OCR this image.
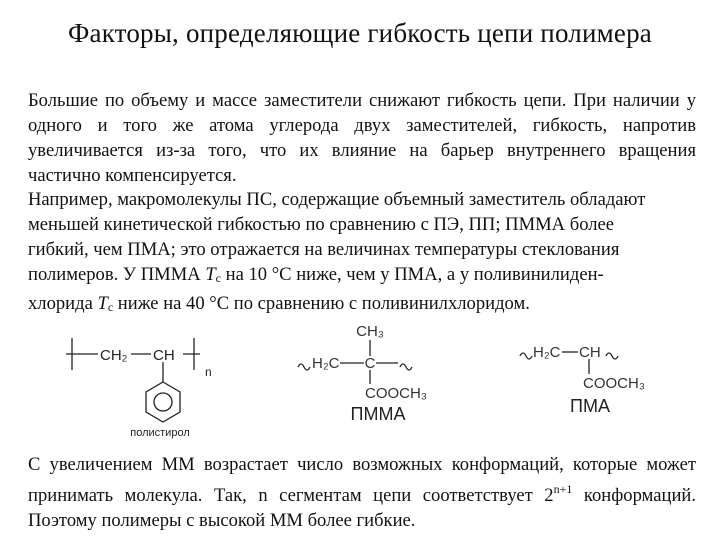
Факторы, определяющие гибкость цепи полимера
Большие по объему и массе заместители снижают гибкость цепи. При наличии у одного и того же атома углерода двух заместителей, гибкость, напротив увеличивается из-за того, что их влияние на барьер внутреннего вращения частично компенсируется.
Например, макромолекулы ПС, содержащие объемный заместитель обладают
меньшей кинетической гибкостью по сравнению с ПЭ, ПП; ПММА более
гибкий, чем ПМА; это отражается на величинах температуры стеклования
полимеров. У ПММА Тс на 10 °С ниже, чем у ПМА, а у поливинилиден-
хлорида Тс ниже на 40 °С по сравнению с поливинилхлоридом.
CH₂ CH
n
полистирол
CH₃
H₂C C
COOCH₃
ПММА
H₂C CH
COOCH₃
ПМА
С увеличением ММ возрастает число возможных конформаций, которые может принимать молекула. Так, n сегментам цепи соответствует $2^{n+1}$ конформаций. Поэтому полимеры с высокой ММ более гибкие.
